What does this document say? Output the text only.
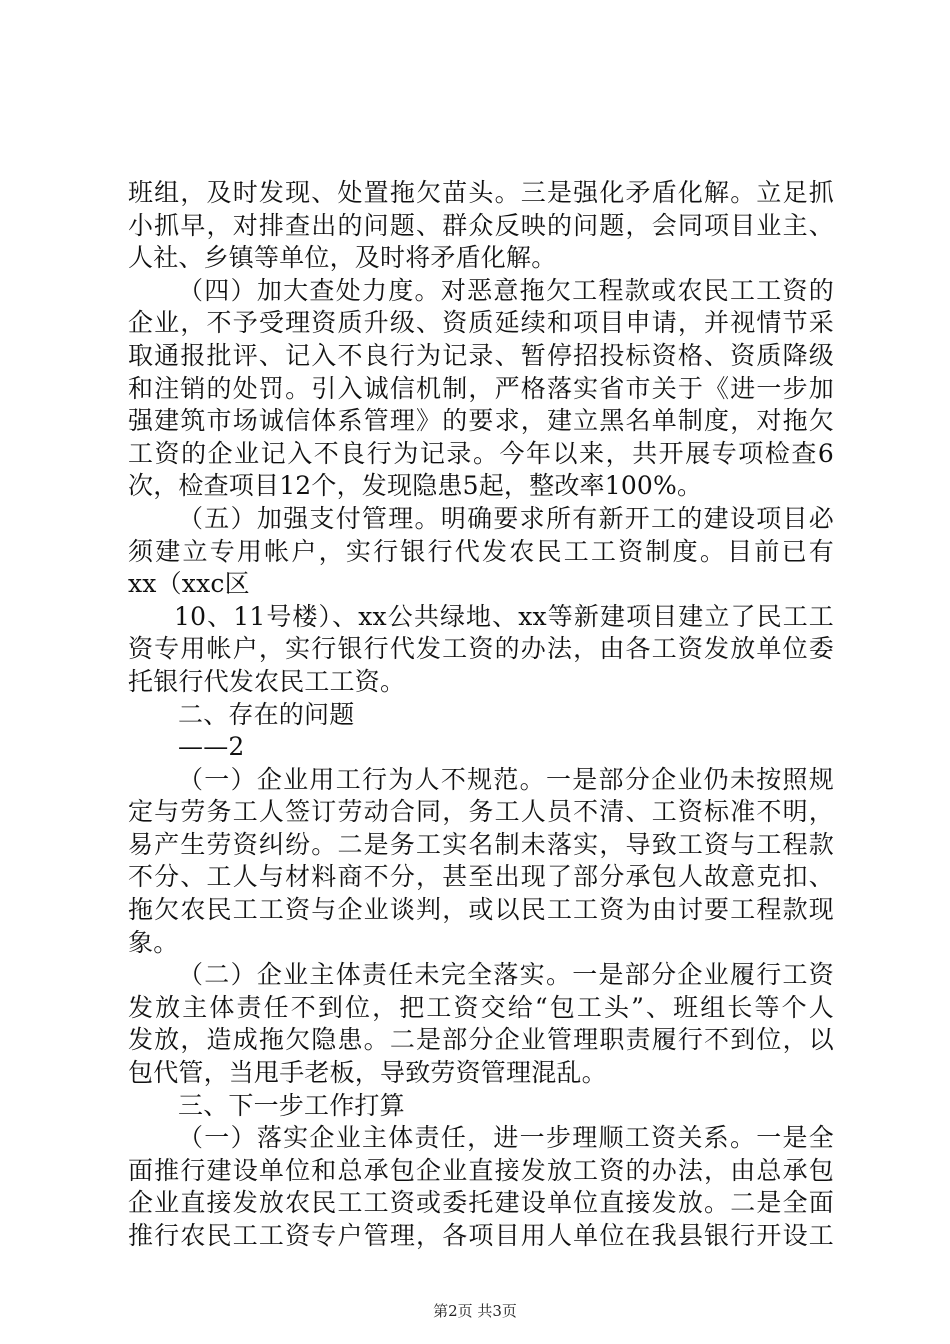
班组，及时发现、处置拖欠苗头。三是强化矛盾化解。立足抓
小抓早，对排查出的问题、群众反映的问题，会同项目业主、
人社、乡镇等单位，及时将矛盾化解。
（四）加大查处力度。对恶意拖欠工程款或农民工工资的
企业，不予受理资质升级、资质延续和项目申请，并视情节采
取通报批评、记入不良行为记录、暂停招投标资格、资质降级
和注销的处罚。引入诚信机制，严格落实省市关于《进一步加
强建筑市场诚信体系管理》的要求，建立黑名单制度，对拖欠
工资的企业记入不良行为记录。今年以来，共开展专项检查6
次，检查项目12个，发现隐患5起，整改率100%。
（五）加强支付管理。明确要求所有新开工的建设项目必
须建立专用帐户，实行银行代发农民工工资制度。目前已有
xx（xxc区
10、11号楼）、xx公共绿地、xx等新建项目建立了民工工
资专用帐户，实行银行代发工资的办法，由各工资发放单位委
托银行代发农民工工资。
二、存在的问题
——2
（一）企业用工行为人不规范。一是部分企业仍未按照规
定与劳务工人签订劳动合同，务工人员不清、工资标准不明，
易产生劳资纠纷。二是务工实名制未落实，导致工资与工程款
不分、工人与材料商不分，甚至出现了部分承包人故意克扣、
拖欠农民工工资与企业谈判，或以民工工资为由讨要工程款现
象。
（二）企业主体责任未完全落实。一是部分企业履行工资
发放主体责任不到位，把工资交给“包工头”、班组长等个人
发放，造成拖欠隐患。二是部分企业管理职责履行不到位，以
包代管，当甩手老板，导致劳资管理混乱。
三、下一步工作打算
（一）落实企业主体责任，进一步理顺工资关系。一是全
面推行建设单位和总承包企业直接发放工资的办法，由总承包
企业直接发放农民工工资或委托建设单位直接发放。二是全面
推行农民工工资专户管理，各项目用人单位在我县银行开设工
第2页 共3页
